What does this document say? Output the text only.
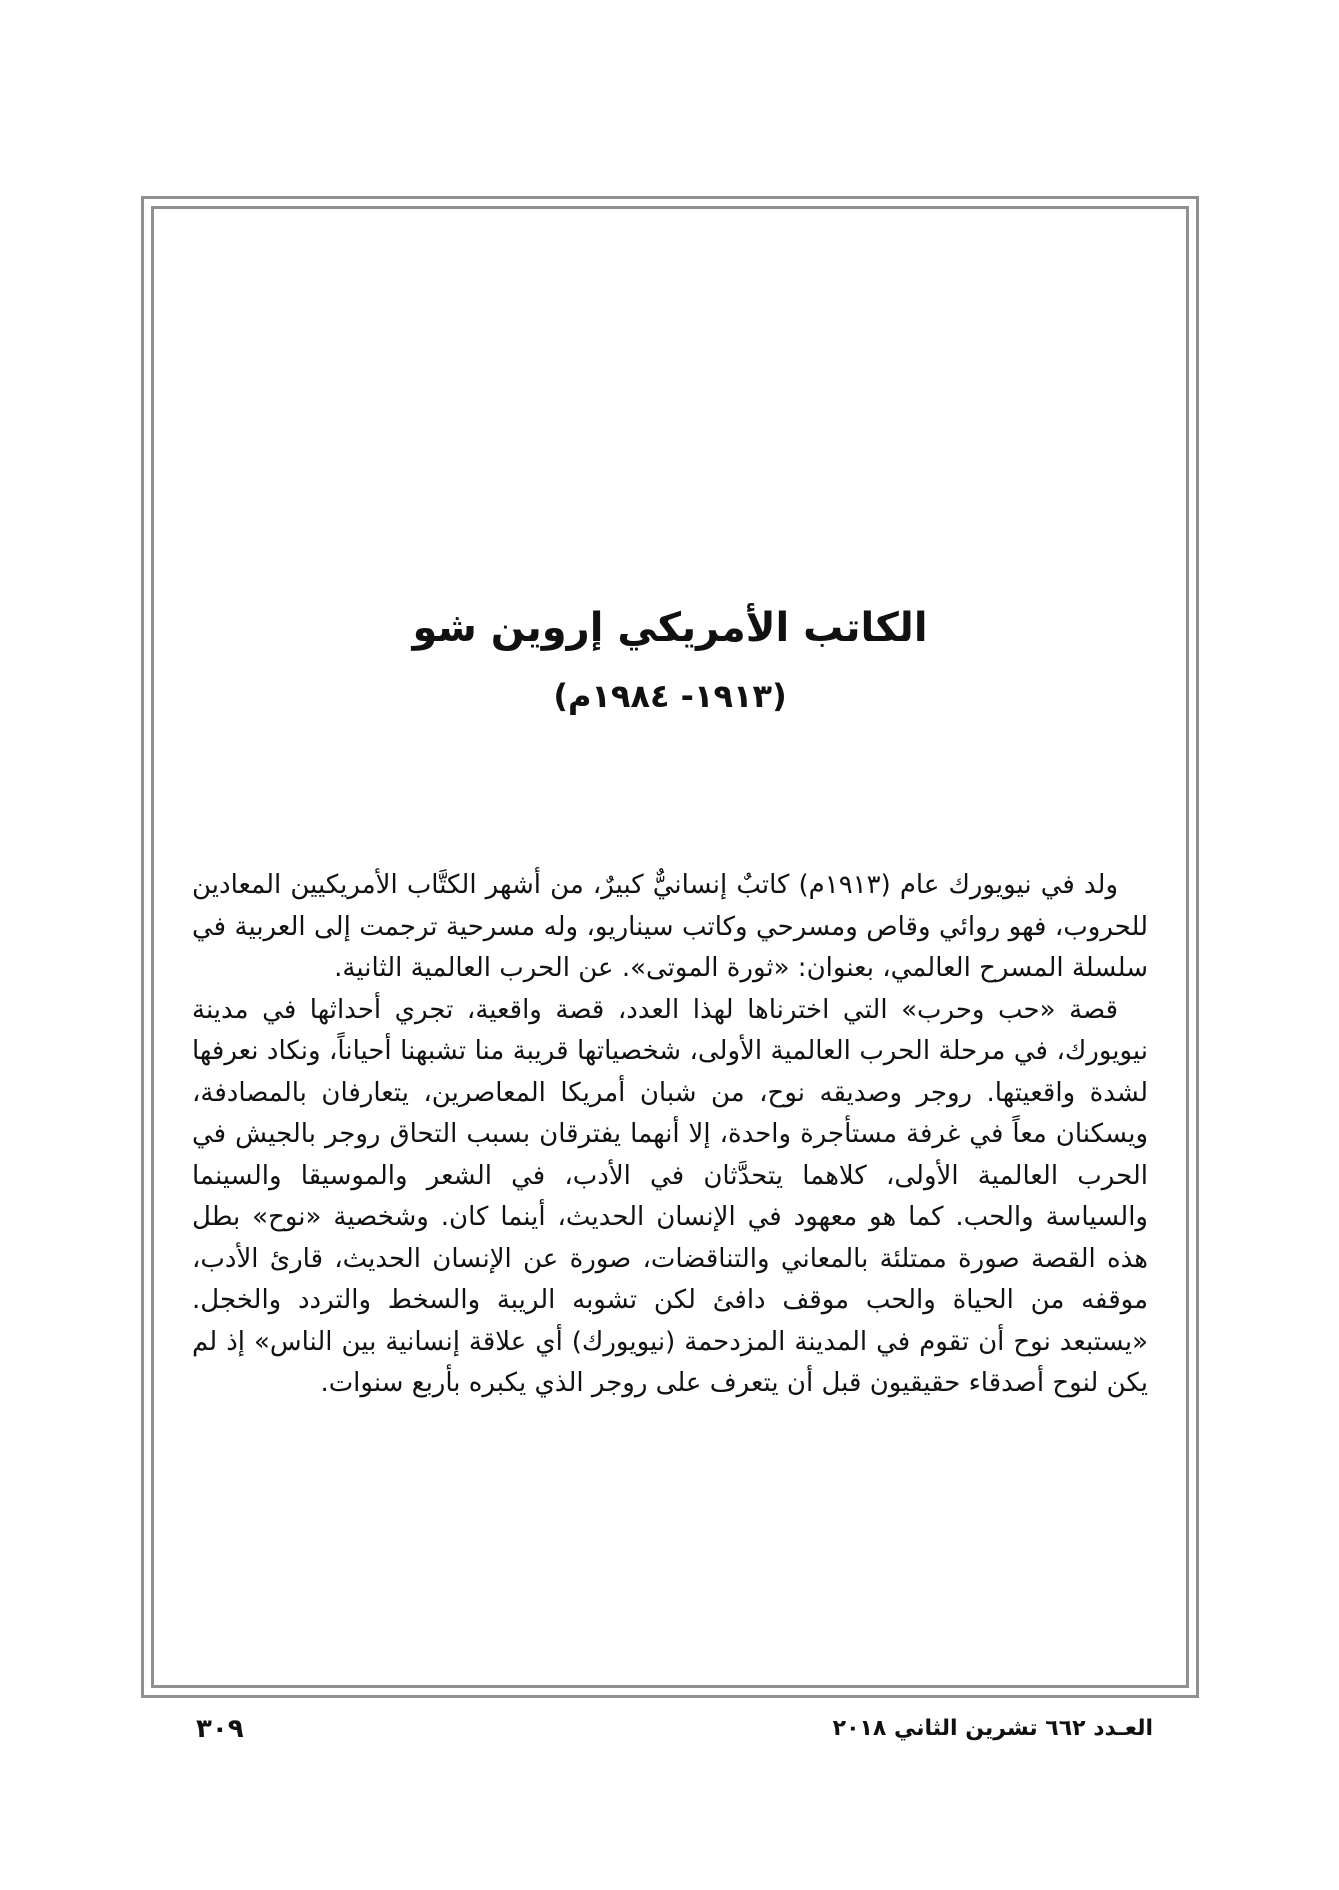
الكاتب الأمريكي إروين شو
(١٩١٣- ١٩٨٤م)

ولد في نيويورك عام (١٩١٣م) كاتبٌ إنسانيٌّ كبيرٌ، من أشهر الكتَّاب الأمريكيين المعادين للحروب، فهو روائي وقاص ومسرحي وكاتب سيناريو، وله مسرحية ترجمت إلى العربية في سلسلة المسرح العالمي، بعنوان: «ثورة الموتى». عن الحرب العالمية الثانية.

قصة «حب وحرب» التي اخترناها لهذا العدد، قصة واقعية، تجري أحداثها في مدينة نيويورك، في مرحلة الحرب العالمية الأولى، شخصياتها قريبة منا تشبهنا أحياناً، ونكاد نعرفها لشدة واقعيتها. روجر وصديقه نوح، من شبان أمريكا المعاصرين، يتعارفان بالمصادفة، ويسكنان معاً في غرفة مستأجرة واحدة، إلا أنهما يفترقان بسبب التحاق روجر بالجيش في الحرب العالمية الأولى، كلاهما يتحدَّثان في الأدب، في الشعر والموسيقا والسينما والسياسة والحب. كما هو معهود في الإنسان الحديث، أينما كان. وشخصية «نوح» بطل هذه القصة صورة ممتلئة بالمعاني والتناقضات، صورة عن الإنسان الحديث، قارئ الأدب، موقفه من الحياة والحب موقف دافئ لكن تشوبه الريبة والسخط والتردد والخجل. «يستبعد نوح أن تقوم في المدينة المزدحمة (نيويورك) أي علاقة إنسانية بين الناس» إذ لم يكن لنوح أصدقاء حقيقيون قبل أن يتعرف على روجر الذي يكبره بأربع سنوات.

العـدد ٦٦٢ تشرين الثاني ٢٠١٨
٣٠٩
